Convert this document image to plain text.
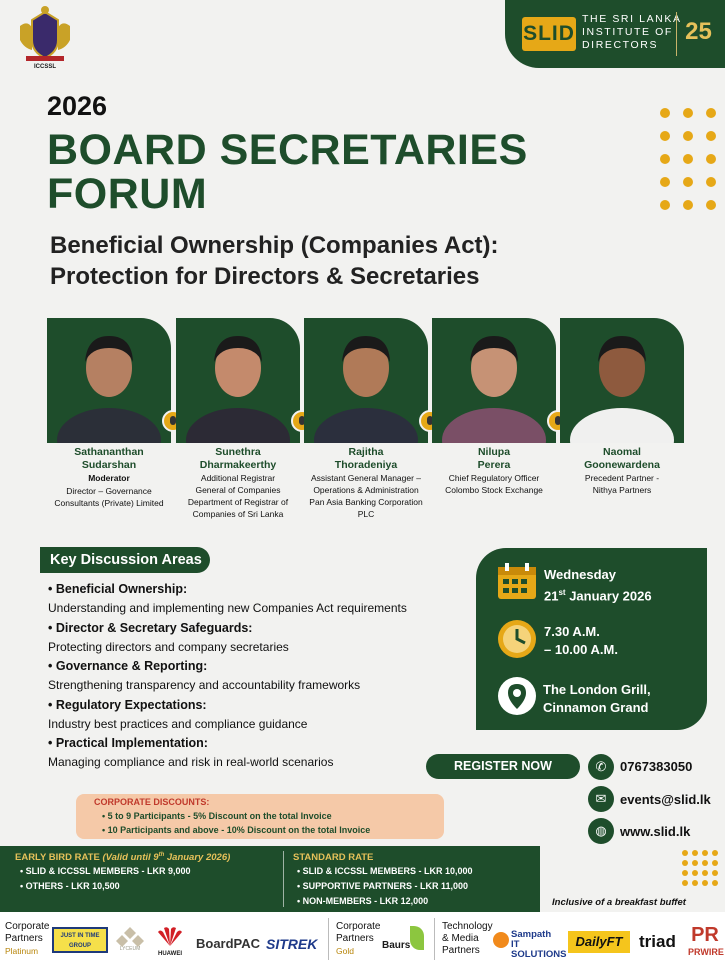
ICCSSL
SLID
THE SRI LANKA
INSTITUTE OF
DIRECTORS	25
2026
BOARD SECRETARIES
FORUM
Beneficial Ownership (Companies Act):
Protection for Directors & Secretaries
Sathananthan
Sudarshan
Moderator
Director – Governance
Consultants (Private) Limited
Sunethra
Dharmakeerthy
Additional Registrar
General of Companies
Department of Registrar of
Companies of Sri Lanka
Rajitha
Thoradeniya
Assistant General Manager –
Operations & Administration
Pan Asia Banking Corporation
PLC
Nilupa
Perera
Chief Regulatory Officer
Colombo Stock Exchange
Naomal
Goonewardena
Precedent Partner -
Nithya Partners
Key Discussion Areas
• Beneficial Ownership:
Understanding and implementing new Companies Act requirements
• Director & Secretary Safeguards:
Protecting directors and company secretaries
• Governance & Reporting:
Strengthening transparency and accountability frameworks
• Regulatory Expectations:
Industry best practices and compliance guidance
• Practical Implementation:
Managing compliance and risk in real-world scenarios
Wednesday
21st January 2026
7.30 A.M.
– 10.00 A.M.
The London Grill,
Cinnamon Grand
REGISTER NOW	✆	0767383050
✉	events@slid.lk
◍	www.slid.lk
CORPORATE DISCOUNTS:
• 5 to 9 Participants - 5% Discount on the total Invoice
• 10 Participants and above - 10% Discount on the total Invoice
EARLY BIRD RATE (Valid until 9th January 2026)
• SLID & ICCSSL MEMBERS - LKR 9,000
• OTHERS - LKR 10,500
STANDARD RATE
• SLID & ICCSSL MEMBERS - LKR 10,000
• SUPPORTIVE PARTNERS - LKR 11,000
• NON-MEMBERS - LKR 12,000	Inclusive of a breakfast buffet
Corporate
Partners
Platinum
JUST IN TIME GROUP	LYCEUM
HUAWEI
BoardPAC SITREK
Corporate
Partners
Gold	Baurs
Technology
& Media
Partners
Sampath IT SOLUTIONS
DailyFT triad PR
PRWIRE
